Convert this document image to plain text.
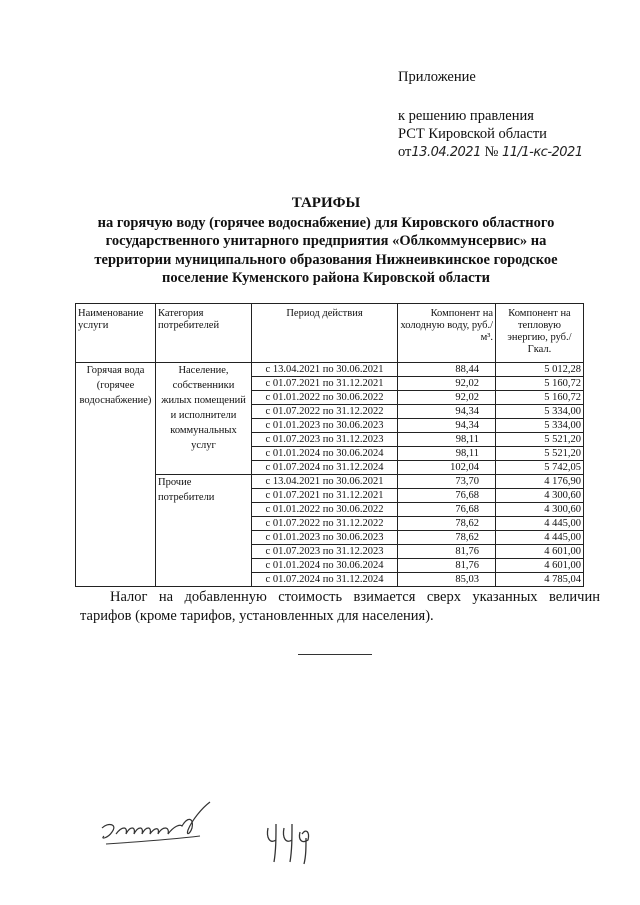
Приложение
к решению правления
РСТ Кировской области
от13.04.2021 № 11/1-кс-2021
ТАРИФЫ
на горячую воду (горячее водоснабжение) для Кировского областного
государственного унитарного предприятия «Облкоммунсервис» на
территории муниципального образования Нижнеивкинское городское
поселение Куменского района Кировской области
Наименование услуги	Категория потребителей	Период действия	Компонент на холодную воду, руб./м³.	Компонент на тепловую энергию, руб./Гкал.
Горячая вода (горячее водоснабжение)	Население, собственники жилых помещений и исполнители коммунальных услуг	с 13.04.2021 по 30.06.2021	88,44	5 012,28
		с 01.07.2021 по 31.12.2021	92,02	5 160,72
		с 01.01.2022 по 30.06.2022	92,02	5 160,72
		с 01.07.2022 по 31.12.2022	94,34	5 334,00
		с 01.01.2023 по 30.06.2023	94,34	5 334,00
		с 01.07.2023 по 31.12.2023	98,11	5 521,20
		с 01.01.2024 по 30.06.2024	98,11	5 521,20
		с 01.07.2024 по 31.12.2024	102,04	5 742,05
	Прочие потребители	с 13.04.2021 по 30.06.2021	73,70	4 176,90
		с 01.07.2021 по 31.12.2021	76,68	4 300,60
		с 01.01.2022 по 30.06.2022	76,68	4 300,60
		с 01.07.2022 по 31.12.2022	78,62	4 445,00
		с 01.01.2023 по 30.06.2023	78,62	4 445,00
		с 01.07.2023 по 31.12.2023	81,76	4 601,00
		с 01.01.2024 по 30.06.2024	81,76	4 601,00
		с 01.07.2024 по 31.12.2024	85,03	4 785,04
Налог на добавленную стоимость взимается сверх указанных величин тарифов (кроме тарифов, установленных для населения).
